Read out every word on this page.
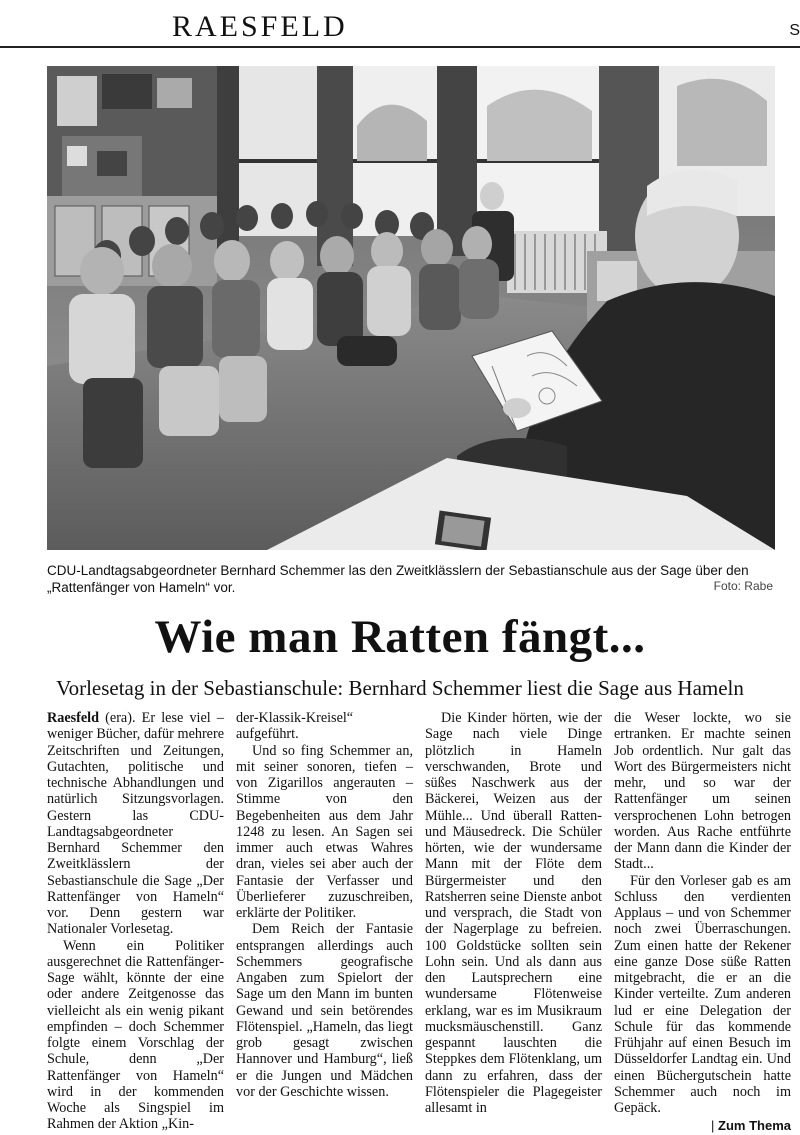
RAESFELD	S
CDU-Landtagsabgeordneter Bernhard Schemmer las den Zweitklässlern der Sebastianschule aus der Sage über den „Rattenfänger von Hameln“ vor.	Foto: Rabe
Wie man Ratten fängt...
Vorlesetag in der Sebastianschule: Bernhard Schemmer liest die Sage aus Hameln

Raesfeld (era). Er lese viel – weniger Bücher, dafür mehrere Zeitschriften und Zeitungen, Gutachten, politische und technische Abhandlungen und natürlich Sitzungsvorlagen. Gestern las CDU-Landtagsabgeordneter Bernhard Schemmer den Zweitklässlern der Sebastianschule die Sage „Der Rattenfänger von Hameln“ vor. Denn gestern war Nationaler Vorlesetag.

Wenn ein Politiker ausgerechnet die Rattenfänger-Sage wählt, könnte der eine oder andere Zeitgenosse das vielleicht als ein wenig pikant empfinden – doch Schemmer folgte einem Vorschlag der Schule, denn „Der Rattenfänger von Hameln“ wird in der kommenden Woche als Singspiel im Rahmen der Aktion „Kin-

der-Klassik-Kreisel“ aufgeführt.

Und so fing Schemmer an, mit seiner sonoren, tiefen – von Zigarillos angerauten – Stimme von den Begebenheiten aus dem Jahr 1248 zu lesen. An Sagen sei immer auch etwas Wahres dran, vieles sei aber auch der Fantasie der Verfasser und Überlieferer zuzuschreiben, erklärte der Politiker.

Dem Reich der Fantasie entsprangen allerdings auch Schemmers geografische Angaben zum Spielort der Sage um den Mann im bunten Gewand und sein betörendes Flötenspiel. „Hameln, das liegt grob gesagt zwischen Hannover und Hamburg“, ließ er die Jungen und Mädchen vor der Geschichte wissen.

Die Kinder hörten, wie der Sage nach viele Dinge plötzlich in Hameln verschwanden, Brote und süßes Naschwerk aus der Bäckerei, Weizen aus der Mühle... Und überall Ratten- und Mäusedreck. Die Schüler hörten, wie der wundersame Mann mit der Flöte dem Bürgermeister und den Ratsherren seine Dienste anbot und versprach, die Stadt von der Nagerplage zu befreien. 100 Goldstücke sollten sein Lohn sein. Und als dann aus den Lautsprechern eine wundersame Flötenweise erklang, war es im Musikraum mucksmäuschenstill. Ganz gespannt lauschten die Steppkes dem Flötenklang, um dann zu erfahren, dass der Flötenspieler die Plagegeister allesamt in

die Weser lockte, wo sie ertranken. Er machte seinen Job ordentlich. Nur galt das Wort des Bürgermeisters nicht mehr, und so war der Rattenfänger um seinen versprochenen Lohn betrogen worden. Aus Rache entführte der Mann dann die Kinder der Stadt...

Für den Vorleser gab es am Schluss den verdienten Applaus – und von Schemmer noch zwei Überraschungen. Zum einen hatte der Rekener eine ganze Dose süße Ratten mitgebracht, die er an die Kinder verteilte. Zum anderen lud er eine Delegation der Schule für das kommende Frühjahr auf einen Besuch im Düsseldorfer Landtag ein. Und einen Büchergutschein hatte Schemmer auch noch im Gepäck.

| Zum Thema
